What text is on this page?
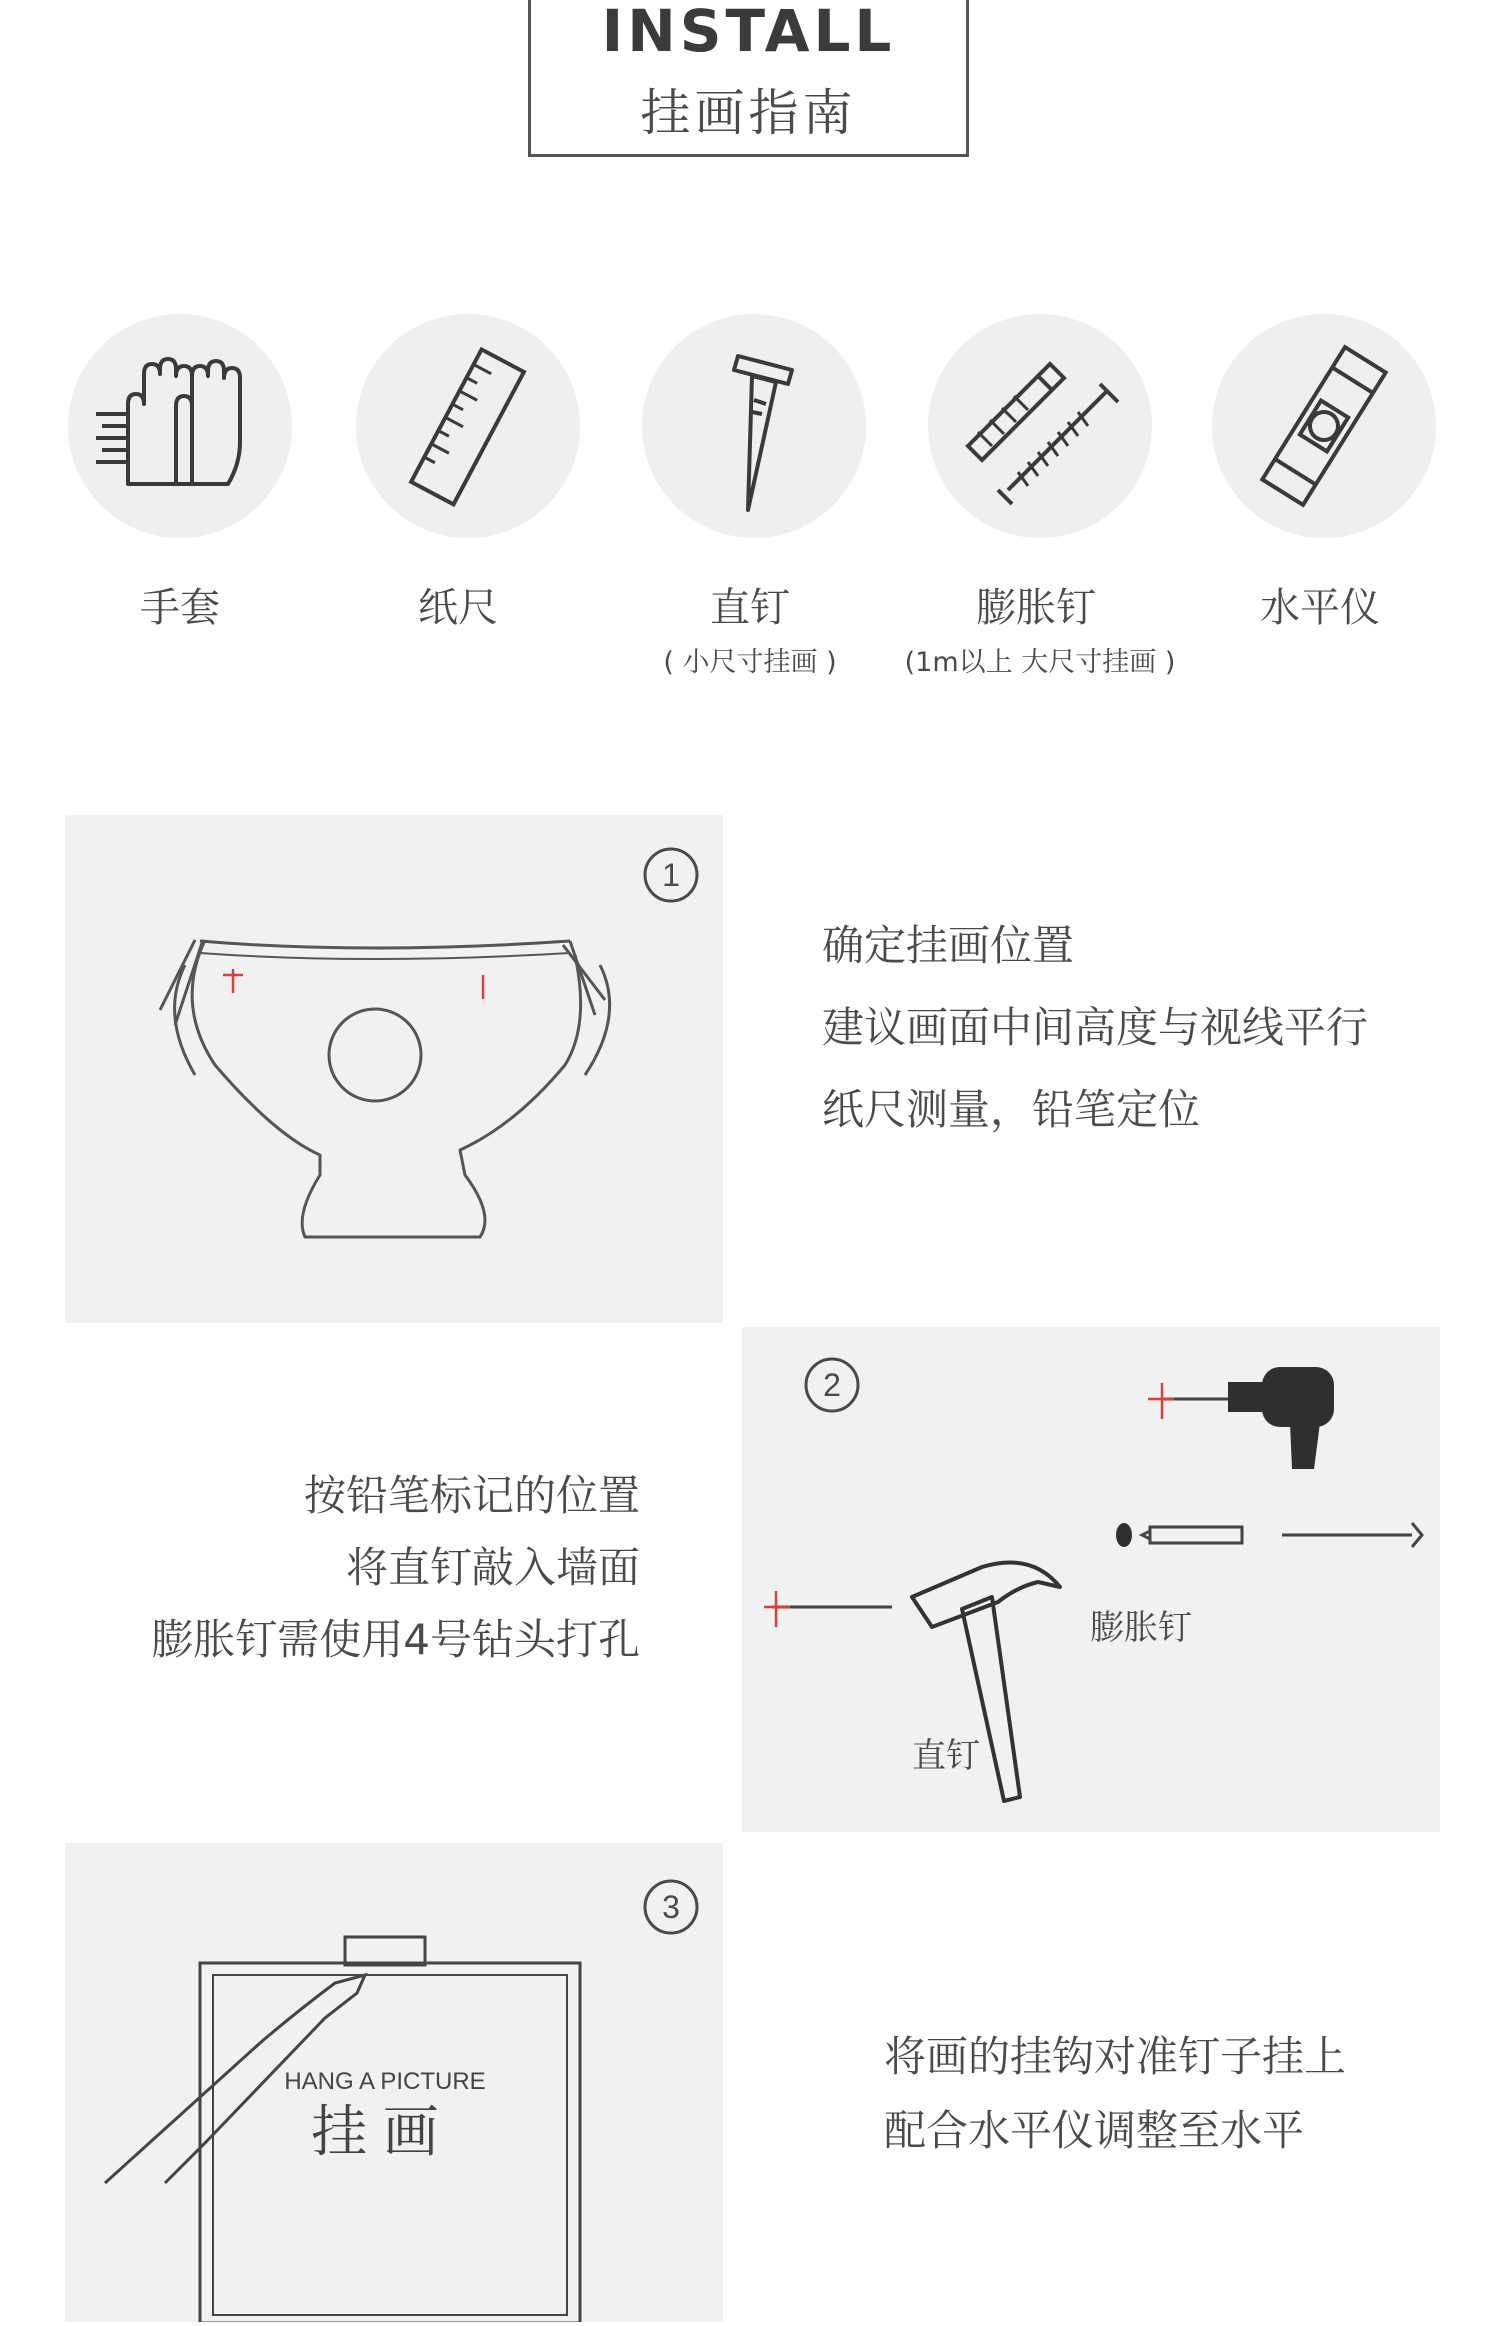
INSTALL
挂画指南
手套	纸尺	直钉	膨胀钉	水平仪
( 小尺寸挂画 )	(1m以上 大尺寸挂画 )
1
确定挂画位置
建议画面中间高度与视线平行
纸尺测量，铅笔定位
按铅笔标记的位置
将直钉敲入墙面
膨胀钉需使用4号钻头打孔
2
膨胀钉
直钉
3
HANG A PICTURE
挂 画
将画的挂钩对准钉子挂上
配合水平仪调整至水平
